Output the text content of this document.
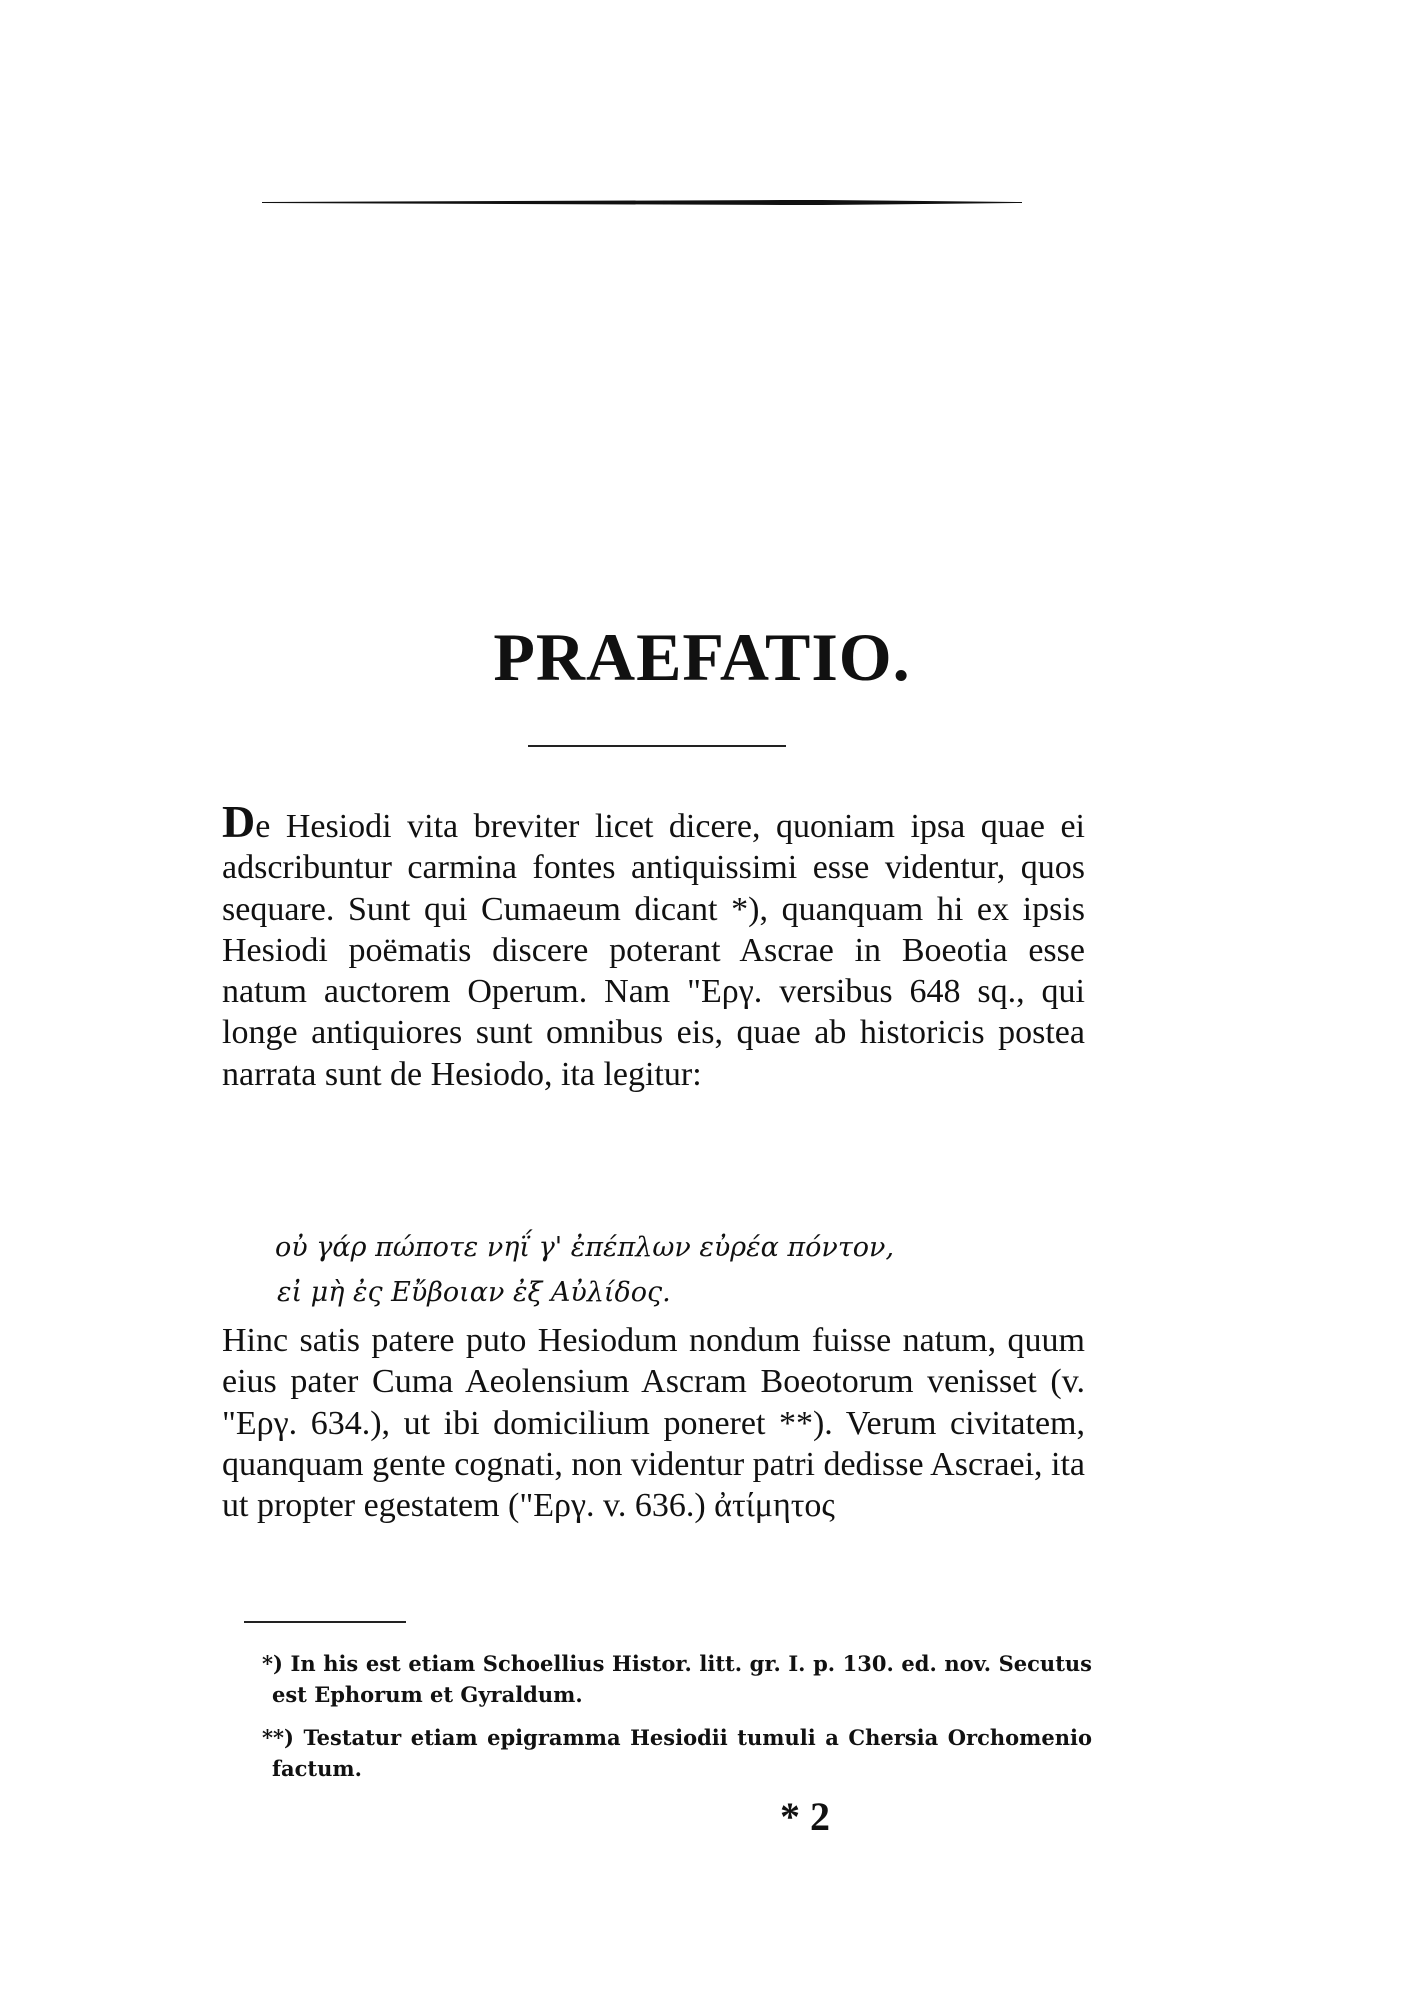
PRAEFATIO.

De Hesiodi vita breviter licet dicere, quoniam ipsa quae ei adscribuntur carmina fontes antiquissimi esse videntur, quos sequare. Sunt qui Cumaeum dicant *), quanquam hi ex ipsis Hesiodi poëmatis discere poterant Ascrae in Boeotia esse natum auctorem Operum. Nam "Εργ. versibus 648 sq., qui longe antiquiores sunt omnibus eis, quae ab historicis postea narrata sunt de Hesiodo, ita legitur:

οὐ γάρ πώποτε νηΐ γ' ἐπέπλων εὐρέα πόντον,
εἰ μὴ ἐς Εὔβοιαν ἐξ Αὐλίδος.

Hinc satis patere puto Hesiodum nondum fuisse natum, quum eius pater Cuma Aeolensium Ascram Boeotorum venisset (v. "Εργ. 634.), ut ibi domicilium poneret **). Verum civitatem, quanquam gente cognati, non videntur patri dedisse Ascraei, ita ut propter egestatem ("Εργ. v. 636.) ἀτίμητος

*) In his est etiam Schoellius Histor. litt. gr. I. p. 130. ed. nov. Secutus est Ephorum et Gyraldum.
**) Testatur etiam epigramma Hesiodii tumuli a Chersia Orchomenio factum.
* 2
